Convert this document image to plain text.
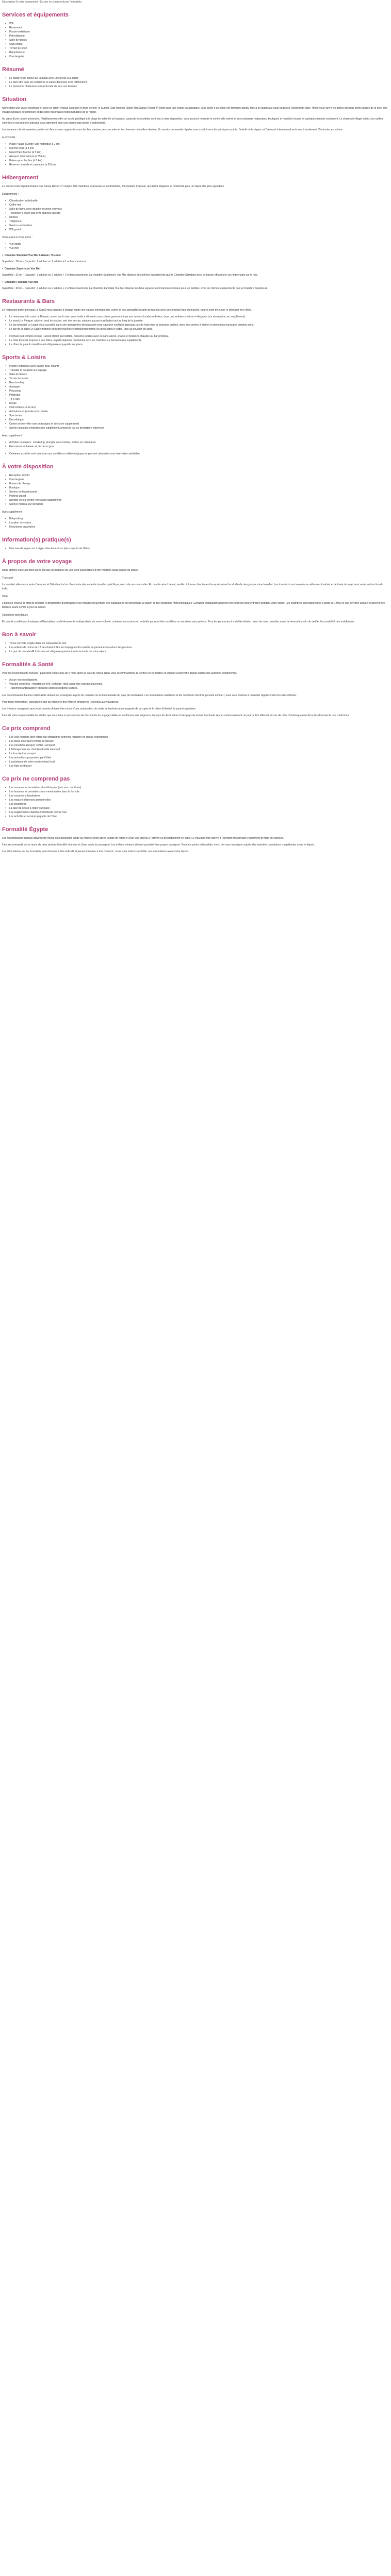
Description Ev pets compromet • Ev prix ne comprend pas Formalités

Services et équipements
• Wifi
• Restaurant
• Piscine extérieure
• Petit-déjeuner
• Salle de fitness
• Club enfant
• Terrain de sport
• Blanchisserie
• Conciergerie
Résumé
• Le plaisir et un séjour sur la plage avec un service à la quête
• Le bien-être dans les chambres et suites décorées avec raffinement
• Le personnel chaleureux est à l'écoute de tous vos besoins
Situation

Niché dans une vaste cocoteraie et dans un jardin tropical luxuriant en bord de mer, le Sunset Club Imperial Diamo Naa Sansa Resort 4*, blotti dans une crique paradisiaque, vous invite à un séjour de farniente absolu face à un lagon aux eaux turquoise. Idéalement situé, l'hôtel vous ouvre les portes des plus belles plages de la côte, des villages typiques de pêcheurs et des sites historiques incontournables de la région.

Au cœur d'une nature préservée, l'établissement offre un accès privilégié à la plage de sable fin où transats, parasols et serviettes sont mis à votre disposition. Vous pourrez rejoindre le centre-ville animé et ses nombreux restaurants, boutiques et marchés locaux en quelques minutes seulement. Le charmant village voisin, ses ruelles colorées et son marché artisanal vous attendent pour une promenade pleine d'authenticité.

Les amateurs de découvertes profiteront d'excursions organisées vers les îles voisines, les cascades et les réserves naturelles alentour. Un service de navette régulier vous conduit vers les principaux points d'intérêt de la région, et l'aéroport international se trouve à seulement 35 minutes en voiture.

À proximité :

• Plage Palace (Centre-ville historique à 2 km)
• Marché local (à 3 km)
• Grand Parc Marine (à 5 km)
• Aéroport international (à 35 km)
• Bateau pour les îles (à 8 km)
• Réserve naturelle et cascades (à 20 km)
Hébergement

Le Sunset Club Imperial Diamo Naa Sansa Resort 4* compte 220 chambres spacieuses et confortables, d'inspiration tropicale, qui allient élégance et modernité pour un séjour des plus agréables.

Équipements :

• Climatisation individuelle
• Coffre-fort
• Salle de bains avec douche et sèche-cheveux
• Télévision à écran plat avec chaînes satellite
• Minibar
• Téléphone
• Service en chambre
• Wifi gratuit

Vous aurez le choix entre :

• Vue jardin
• Vue mer

• Chambre Standard Vue Mer Latérale / Vue Mer

Superficie : 28 m² - Capacité : 2 adultes ou 2 adultes + 1 enfant maximum.

• Chambre Supérieure Vue Mer

Superficie : 32 m² - Capacité : 3 adultes ou 2 adultes + 2 enfants maximum. La chambre Supérieure Vue Mer dispose des mêmes équipements que la Chambre Standard avec un balcon offrant une vue imprenable sur la mer.

• Chambre Familiale Vue Mer

Superficie : 40 m² - Capacité : 4 adultes ou 2 adultes + 2 enfants maximum. La Chambre Familiale Vue Mer dispose de deux espaces communicants idéaux pour les familles, avec les mêmes équipements que la Chambre Supérieure.

Restaurants & Bars

Le restaurant buffet principal Le Corail vous propose à chaque repas une cuisine internationale variée et des spécialités locales préparées avec des produits frais du marché, pour le petit-déjeuner, le déjeuner et le dîner.

• Le restaurant à la carte Le Banyan, ouvert sur la mer, vous invite à découvrir une cuisine gastronomique aux saveurs locales raffinées, dans une ambiance intime et élégante (sur réservation, en supplément).
• Le snack Le Pirogue, situé en bord de piscine, sert des en-cas, salades, pizzas et grillades tout au long de la journée.
• Le bar principal Le Lagon vous accueille dans une atmosphère décontractée pour savourer cocktails tropicaux, jus de fruits frais et boissons variées, avec des soirées à thème et animations musicales certains soirs.
• Le bar de la plage Le Sable propose boissons fraîches et rafraîchissements les pieds dans le sable, face au coucher du soleil.
• Formule tout compris incluse : accès illimité aux buffets, boissons locales avec ou sans alcool, snacks et boissons chaudes au bar principal.
• Le Club Imperial propose à ses hôtes un petit-déjeuner continental servi en chambre sur demande (en supplément).
• Le dîner de gala du réveillon est obligatoire et payable sur place.
Sports & Loisirs
• Piscine extérieure avec bassin pour enfants
• Transats et parasols sur la plage
• Salle de fitness
• Terrain de tennis
• Beach-volley
• Aquagym
• Ping-pong
• Pétanque
• Tir à l'arc
• Kayak
• Club enfants (4-12 ans)
• Animation en journée et en soirée
• Spectacles
• Discothèque
• Centre de bien-être avec massages et soins (en supplément)
• Sports nautiques motorisés (en supplément, proposés par un prestataire extérieur)

Avec supplément :

• Activités nautiques : snorkeling, plongée sous-marine, sorties en catamaran
• Excursions en bateau et pêche au gros
• Certaines activités sont soumises aux conditions météorologiques et peuvent nécessiter une réservation préalable.
À votre disposition
• Réception 24h/24
• Conciergerie
• Bureau de change
• Boutique
• Service de blanchisserie
• Parking gratuit
• Navette vers le centre-ville (avec supplément)
• Service médical sur demande

Avec supplément :

• Baby-sitting
• Location de voiture
• Excursions organisées
Information(s) pratique(s)
• Une taxe de séjour est à régler directement sur place auprès de l'hôtel.
À propos de votre voyage

Nous attirons votre attention sur le fait que les horaires de vols sont susceptibles d'être modifiés jusqu'au jour du départ.

Transport

Le transfert aller-retour entre l'aéroport et l'hôtel est inclus. Pour toute demande de transfert spécifique, merci de nous consulter. En cas de retard de vol, veuillez informer directement le représentant local afin de réorganiser votre transfert. Les transferts sont assurés en véhicule climatisé, et la durée du trajet peut varier en fonction du trafic.

Hôtel

L'hôtel se réserve le droit de modifier le programme d'animation et les horaires d'ouverture des installations en fonction de la saison et des conditions météorologiques. Certaines installations peuvent être fermées pour entretien pendant votre séjour. Les chambres sont disponibles à partir de 14h00 le jour de votre arrivée et doivent être libérées avant 12h00 le jour du départ.

Conditions spécifiques

En cas de conditions climatiques défavorables ou d'événements indépendants de notre volonté, certaines excursions ou activités pourront être modifiées ou annulées sans préavis. Pour les personnes à mobilité réduite, merci de nous consulter avant la réservation afin de vérifier l'accessibilité des installations.

Bon à savoir
• Tenue correcte exigée dans les restaurants le soir.
• Les enfants de moins de 12 ans doivent être accompagnés d'un adulte en permanence autour des piscines.
• Le port du bracelet All Inclusive est obligatoire pendant toute la durée de votre séjour.
Formalités & Santé

Pour les ressortissants français : passeport valide plus de 6 mois après la date de retour. Nous vous recommandons de vérifier les formalités en vigueur avant votre départ auprès des autorités compétentes.

• Aucun vaccin obligatoire.
• Vaccins conseillés : hépatites A et B, typhoïde, mise à jour des vaccins universels.
• Traitement antipaludéen conseillé selon les régions visitées.

Les ressortissants d'autres nationalités doivent se renseigner auprès du consulat ou de l'ambassade du pays de destination. Les informations sanitaires et les conditions d'entrée peuvent évoluer ; nous vous invitons à consulter régulièrement les sites officiels.

Pour toute information, consultez le site du Ministère des Affaires étrangères : conseils aux voyageurs.

Les mineurs voyageant sans leurs parents doivent être munis d'une autorisation de sortie de territoire accompagnée de la copie de la pièce d'identité du parent signataire.

Il est de votre responsabilité de vérifier que vous êtes en possession de documents de voyage valides et conformes aux exigences du pays de destination et des pays de transit éventuels. Aucun remboursement ne pourra être effectué en cas de refus d'embarquement lié à des documents non conformes.

Ce prix comprend
• Les vols réguliers aller-retour sur compagnie aérienne régulière en classe économique
• Les taxes d'aéroport et frais de dossier
• Les transferts aéroport / hôtel / aéroport
• L'hébergement en chambre double standard
• La formule tout compris
• Les animations proposées par l'hôtel
• L'assistance de notre représentant local
• Les frais de dossier
Ce prix ne comprend pas
• Les assurances annulation et multirisques (voir nos conditions)
• Les boissons et prestations non mentionnées dans la formule
• Les excursions facultatives
• Les repas et dépenses personnelles
• Les pourboires
• La taxe de séjour à régler sur place
• Les suppléments chambre individuelle ou vue mer
• Les activités et services payants de l'hôtel
Formalité Égypte

Les ressortissants français doivent être munis d'un passeport valide au moins 6 mois après la date de retour et d'un visa obtenu à l'arrivée ou préalablement en ligne. Le visa peut être délivré à l'aéroport moyennant le paiement de frais en espèces.

Il est recommandé de se munir de deux photos d'identité récentes et d'une copie du passeport. Les enfants mineurs doivent posséder leur propre passeport. Pour les autres nationalités, merci de vous renseigner auprès des autorités consulaires compétentes avant le départ.

Les informations sur les formalités sont données à titre indicatif et peuvent évoluer à tout moment ; nous vous invitons à vérifier ces informations avant votre départ.
